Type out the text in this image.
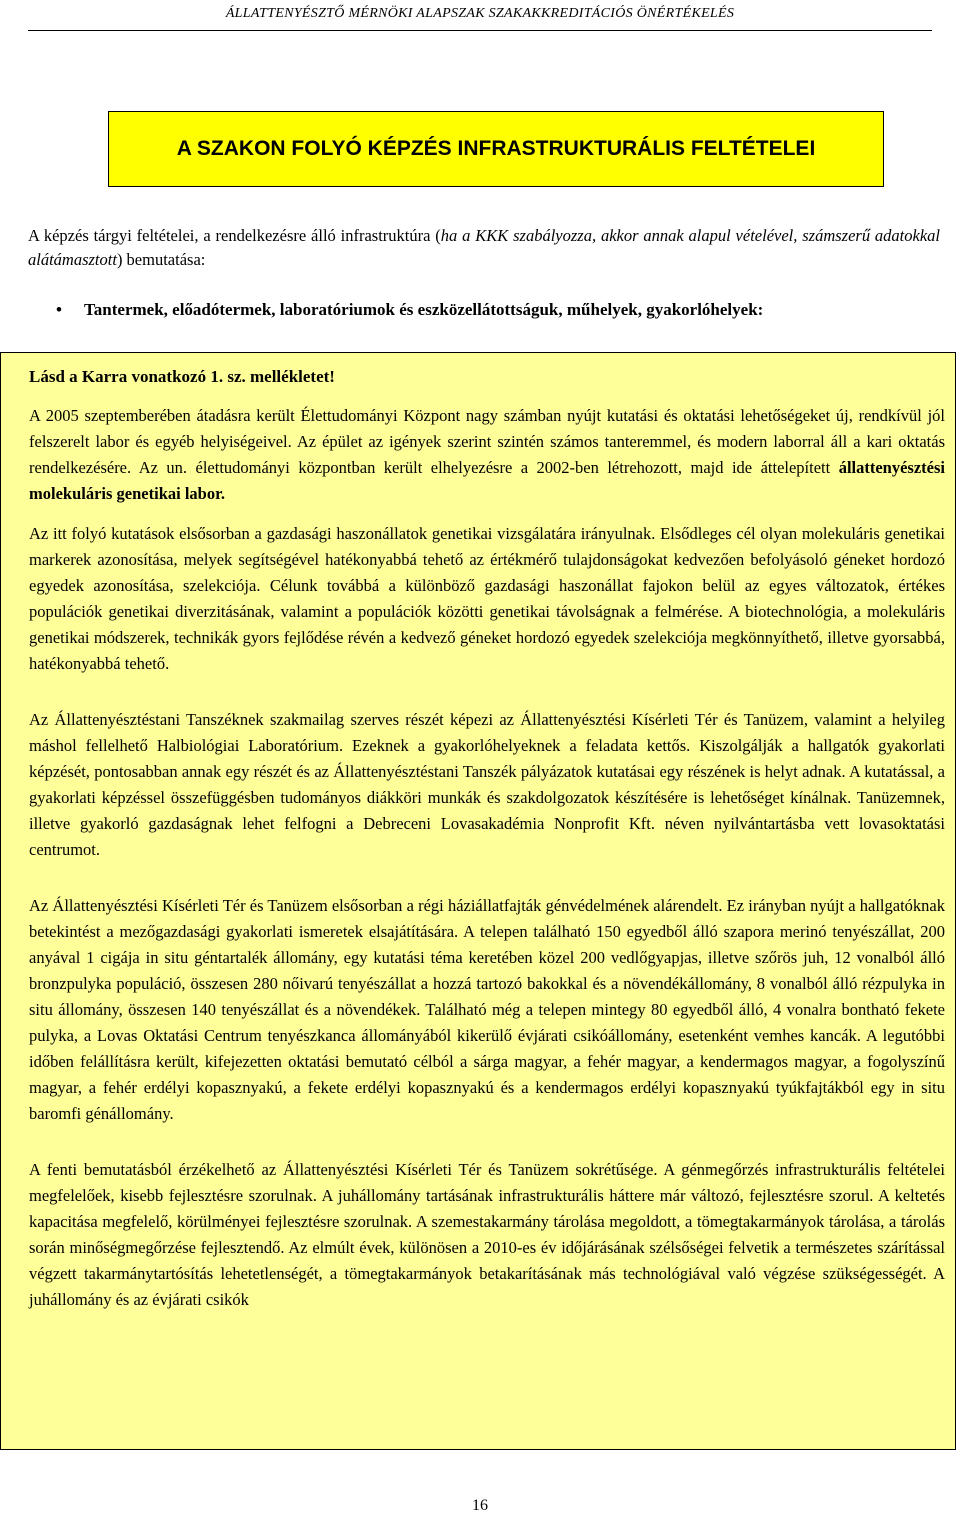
ÁLLATTENYÉSZTŐ MÉRNÖKI ALAPSZAK SZAKAKKREDITÁCIÓS ÖNÉRTÉKELÉS
A SZAKON FOLYÓ KÉPZÉS INFRASTRUKTURÁLIS FELTÉTELEI
A képzés tárgyi feltételei, a rendelkezésre álló infrastruktúra (ha a KKK szabályozza, akkor annak alapul vételével, számszerű adatokkal alátámasztott) bemutatása:
•	Tantermek, előadótermek, laboratóriumok és eszközellátottságuk, műhelyek, gyakorlóhelyek:

Lásd a Karra vonatkozó 1. sz. mellékletet!

A 2005 szeptemberében átadásra került Élettudományi Központ nagy számban nyújt kutatási és oktatási lehetőségeket új, rendkívül jól felszerelt labor és egyéb helyiségeivel. Az épület az igények szerint szintén számos tanteremmel, és modern laborral áll a kari oktatás rendelkezésére. Az un. élettudományi központban került elhelyezésre a 2002-ben létrehozott, majd ide áttelepített állattenyésztési molekuláris genetikai labor.

Az itt folyó kutatások elsősorban a gazdasági haszonállatok genetikai vizsgálatára irányulnak. Elsődleges cél olyan molekuláris genetikai markerek azonosítása, melyek segítségével hatékonyabbá tehető az értékmérő tulajdonságokat kedvezően befolyásoló géneket hordozó egyedek azonosítása, szelekciója. Célunk továbbá a különböző gazdasági haszonállat fajokon belül az egyes változatok, értékes populációk genetikai diverzitásának, valamint a populációk közötti genetikai távolságnak a felmérése. A biotechnológia, a molekuláris genetikai módszerek, technikák gyors fejlődése révén a kedvező géneket hordozó egyedek szelekciója megkönnyíthető, illetve gyorsabbá, hatékonyabbá tehető.

Az Állattenyésztéstani Tanszéknek szakmailag szerves részét képezi az Állattenyésztési Kísérleti Tér és Tanüzem, valamint a helyileg máshol fellelhető Halbiológiai Laboratórium. Ezeknek a gyakorlóhelyeknek a feladata kettős. Kiszolgálják a hallgatók gyakorlati képzését, pontosabban annak egy részét és az Állattenyésztéstani Tanszék pályázatok kutatásai egy részének is helyt adnak. A kutatással, a gyakorlati képzéssel összefüggésben tudományos diákköri munkák és szakdolgozatok készítésére is lehetőséget kínálnak. Tanüzemnek, illetve gyakorló gazdaságnak lehet felfogni a Debreceni Lovasakadémia Nonprofit Kft. néven nyilvántartásba vett lovasoktatási centrumot.

Az Állattenyésztési Kísérleti Tér és Tanüzem elsősorban a régi háziállatfajták génvédelmének alárendelt. Ez irányban nyújt a hallgatóknak betekintést a mezőgazdasági gyakorlati ismeretek elsajátítására. A telepen található 150 egyedből álló szapora merinó tenyészállat, 200 anyával 1 cigája in situ géntartalék állomány, egy kutatási téma keretében közel 200 vedlőgyapjas, illetve szőrös juh, 12 vonalból álló bronzpulyka populáció, összesen 280 nőivarú tenyészállat a hozzá tartozó bakokkal és a növendékállomány, 8 vonalból álló rézpulyka in situ állomány, összesen 140 tenyészállat és a növendékek. Található még a telepen mintegy 80 egyedből álló, 4 vonalra bontható fekete pulyka, a Lovas Oktatási Centrum tenyészkanca állományából kikerülő évjárati csikóállomány, esetenként vemhes kancák. A legutóbbi időben felállításra került, kifejezetten oktatási bemutató célból a sárga magyar, a fehér magyar, a kendermagos magyar, a fogolyszínű magyar, a fehér erdélyi kopasznyakú, a fekete erdélyi kopasznyakú és a kendermagos erdélyi kopasznyakú tyúkfajtákból egy in situ baromfi génállomány.

A fenti bemutatásból érzékelhető az Állattenyésztési Kísérleti Tér és Tanüzem sokrétűsége. A génmegőrzés infrastrukturális feltételei megfelelőek, kisebb fejlesztésre szorulnak. A juhállomány tartásának infrastrukturális háttere már változó, fejlesztésre szorul. A keltetés kapacitása megfelelő, körülményei fejlesztésre szorulnak. A szemestakarmány tárolása megoldott, a tömegtakarmányok tárolása, a tárolás során minőségmegőrzése fejlesztendő. Az elmúlt évek, különösen a 2010-es év időjárásának szélsőségei felvetik a természetes szárítással végzett takarmánytartósítás lehetetlenségét, a tömegtakarmányok betakarításának más technológiával való végzése szükségességét. A juhállomány és az évjárati csikók

16
